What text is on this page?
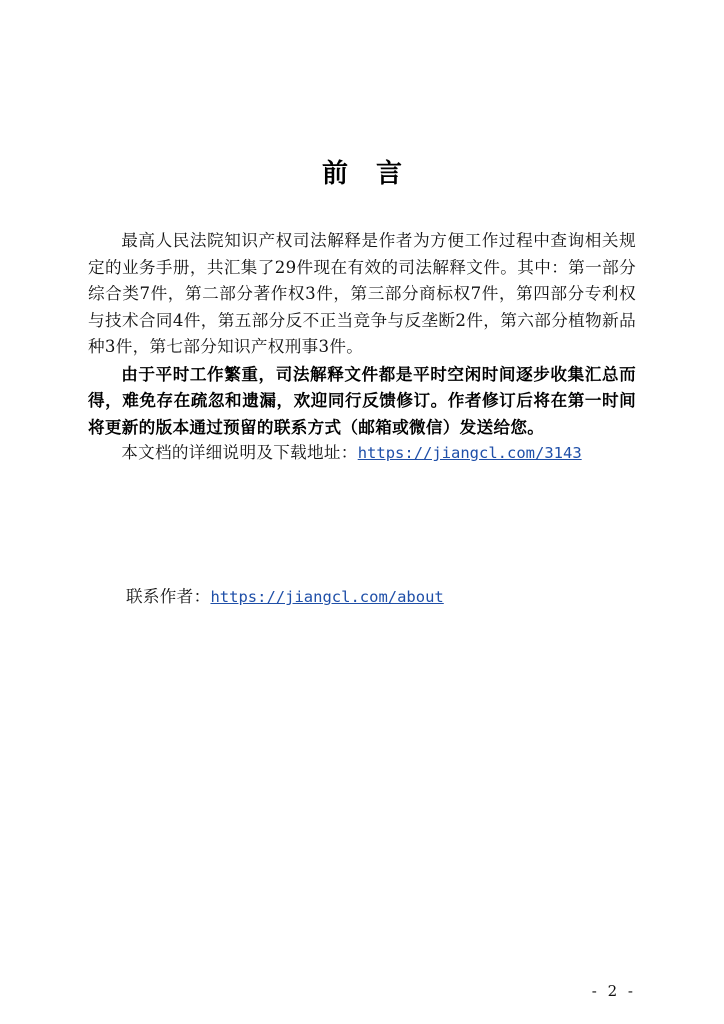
前言

最高人民法院知识产权司法解释是作者为方便工作过程中查询相关规定的业务手册，共汇集了29件现在有效的司法解释文件。其中：第一部分综合类7件，第二部分著作权3件，第三部分商标权7件，第四部分专利权与技术合同4件，第五部分反不正当竞争与反垄断2件，第六部分植物新品种3件，第七部分知识产权刑事3件。

由于平时工作繁重，司法解释文件都是平时空闲时间逐步收集汇总而得，难免存在疏忽和遗漏，欢迎同行反馈修订。作者修订后将在第一时间将更新的版本通过预留的联系方式（邮箱或微信）发送给您。

本文档的详细说明及下载地址：https://jiangcl.com/3143

联系作者：https://jiangcl.com/about
- 2 -
